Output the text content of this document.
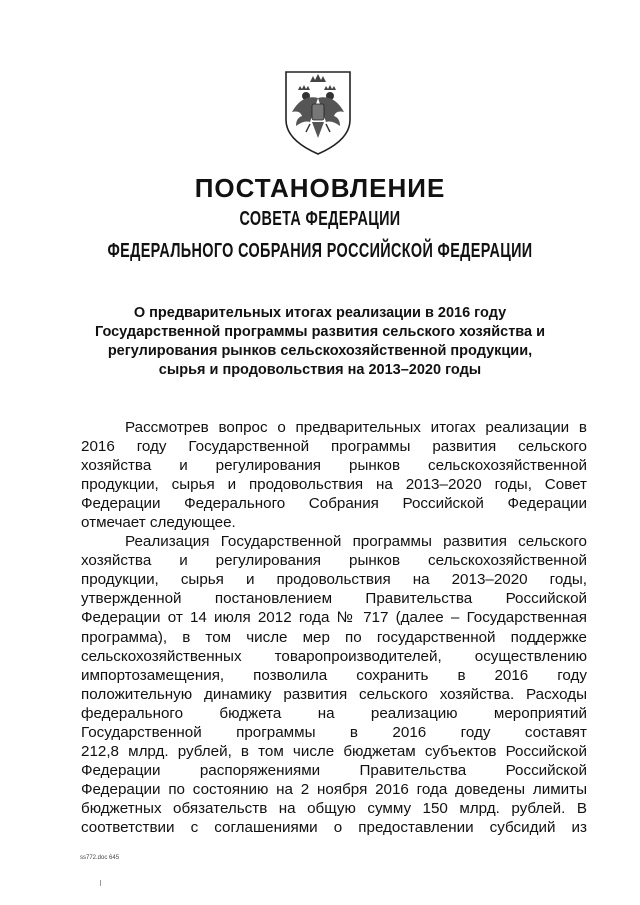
ПОСТАНОВЛЕНИЕ
СОВЕТА ФЕДЕРАЦИИ
ФЕДЕРАЛЬНОГО СОБРАНИЯ РОССИЙСКОЙ ФЕДЕРАЦИИ
О предварительных итогах реализации в 2016 году
Государственной программы развития сельского хозяйства и
регулирования рынков сельскохозяйственной продукции,
сырья и продовольствия на 2013–2020 годы
Рассмотрев вопрос о предварительных итогах реализации в
2016 году Государственной программы развития сельского
хозяйства и регулирования рынков сельскохозяйственной
продукции, сырья и продовольствия на 2013–2020 годы, Совет
Федерации Федерального Собрания Российской Федерации
отмечает следующее.
Реализация Государственной программы развития сельского
хозяйства и регулирования рынков сельскохозяйственной
продукции, сырья и продовольствия на 2013–2020 годы,
утвержденной постановлением Правительства Российской
Федерации от 14 июля 2012 года № 717 (далее – Государственная
программа), в том числе мер по государственной поддержке
сельскохозяйственных товаропроизводителей, осуществлению
импортозамещения, позволила сохранить в 2016 году
положительную динамику развития сельского хозяйства. Расходы
федерального бюджета на реализацию мероприятий
Государственной программы в 2016 году составят
212,8 млрд. рублей, в том числе бюджетам субъектов Российской
Федерации распоряжениями Правительства Российской
Федерации по состоянию на 2 ноября 2016 года доведены лимиты
бюджетных обязательств на общую сумму 150 млрд. рублей. В
соответствии с соглашениями о предоставлении субсидий из
ss772.doc 645
